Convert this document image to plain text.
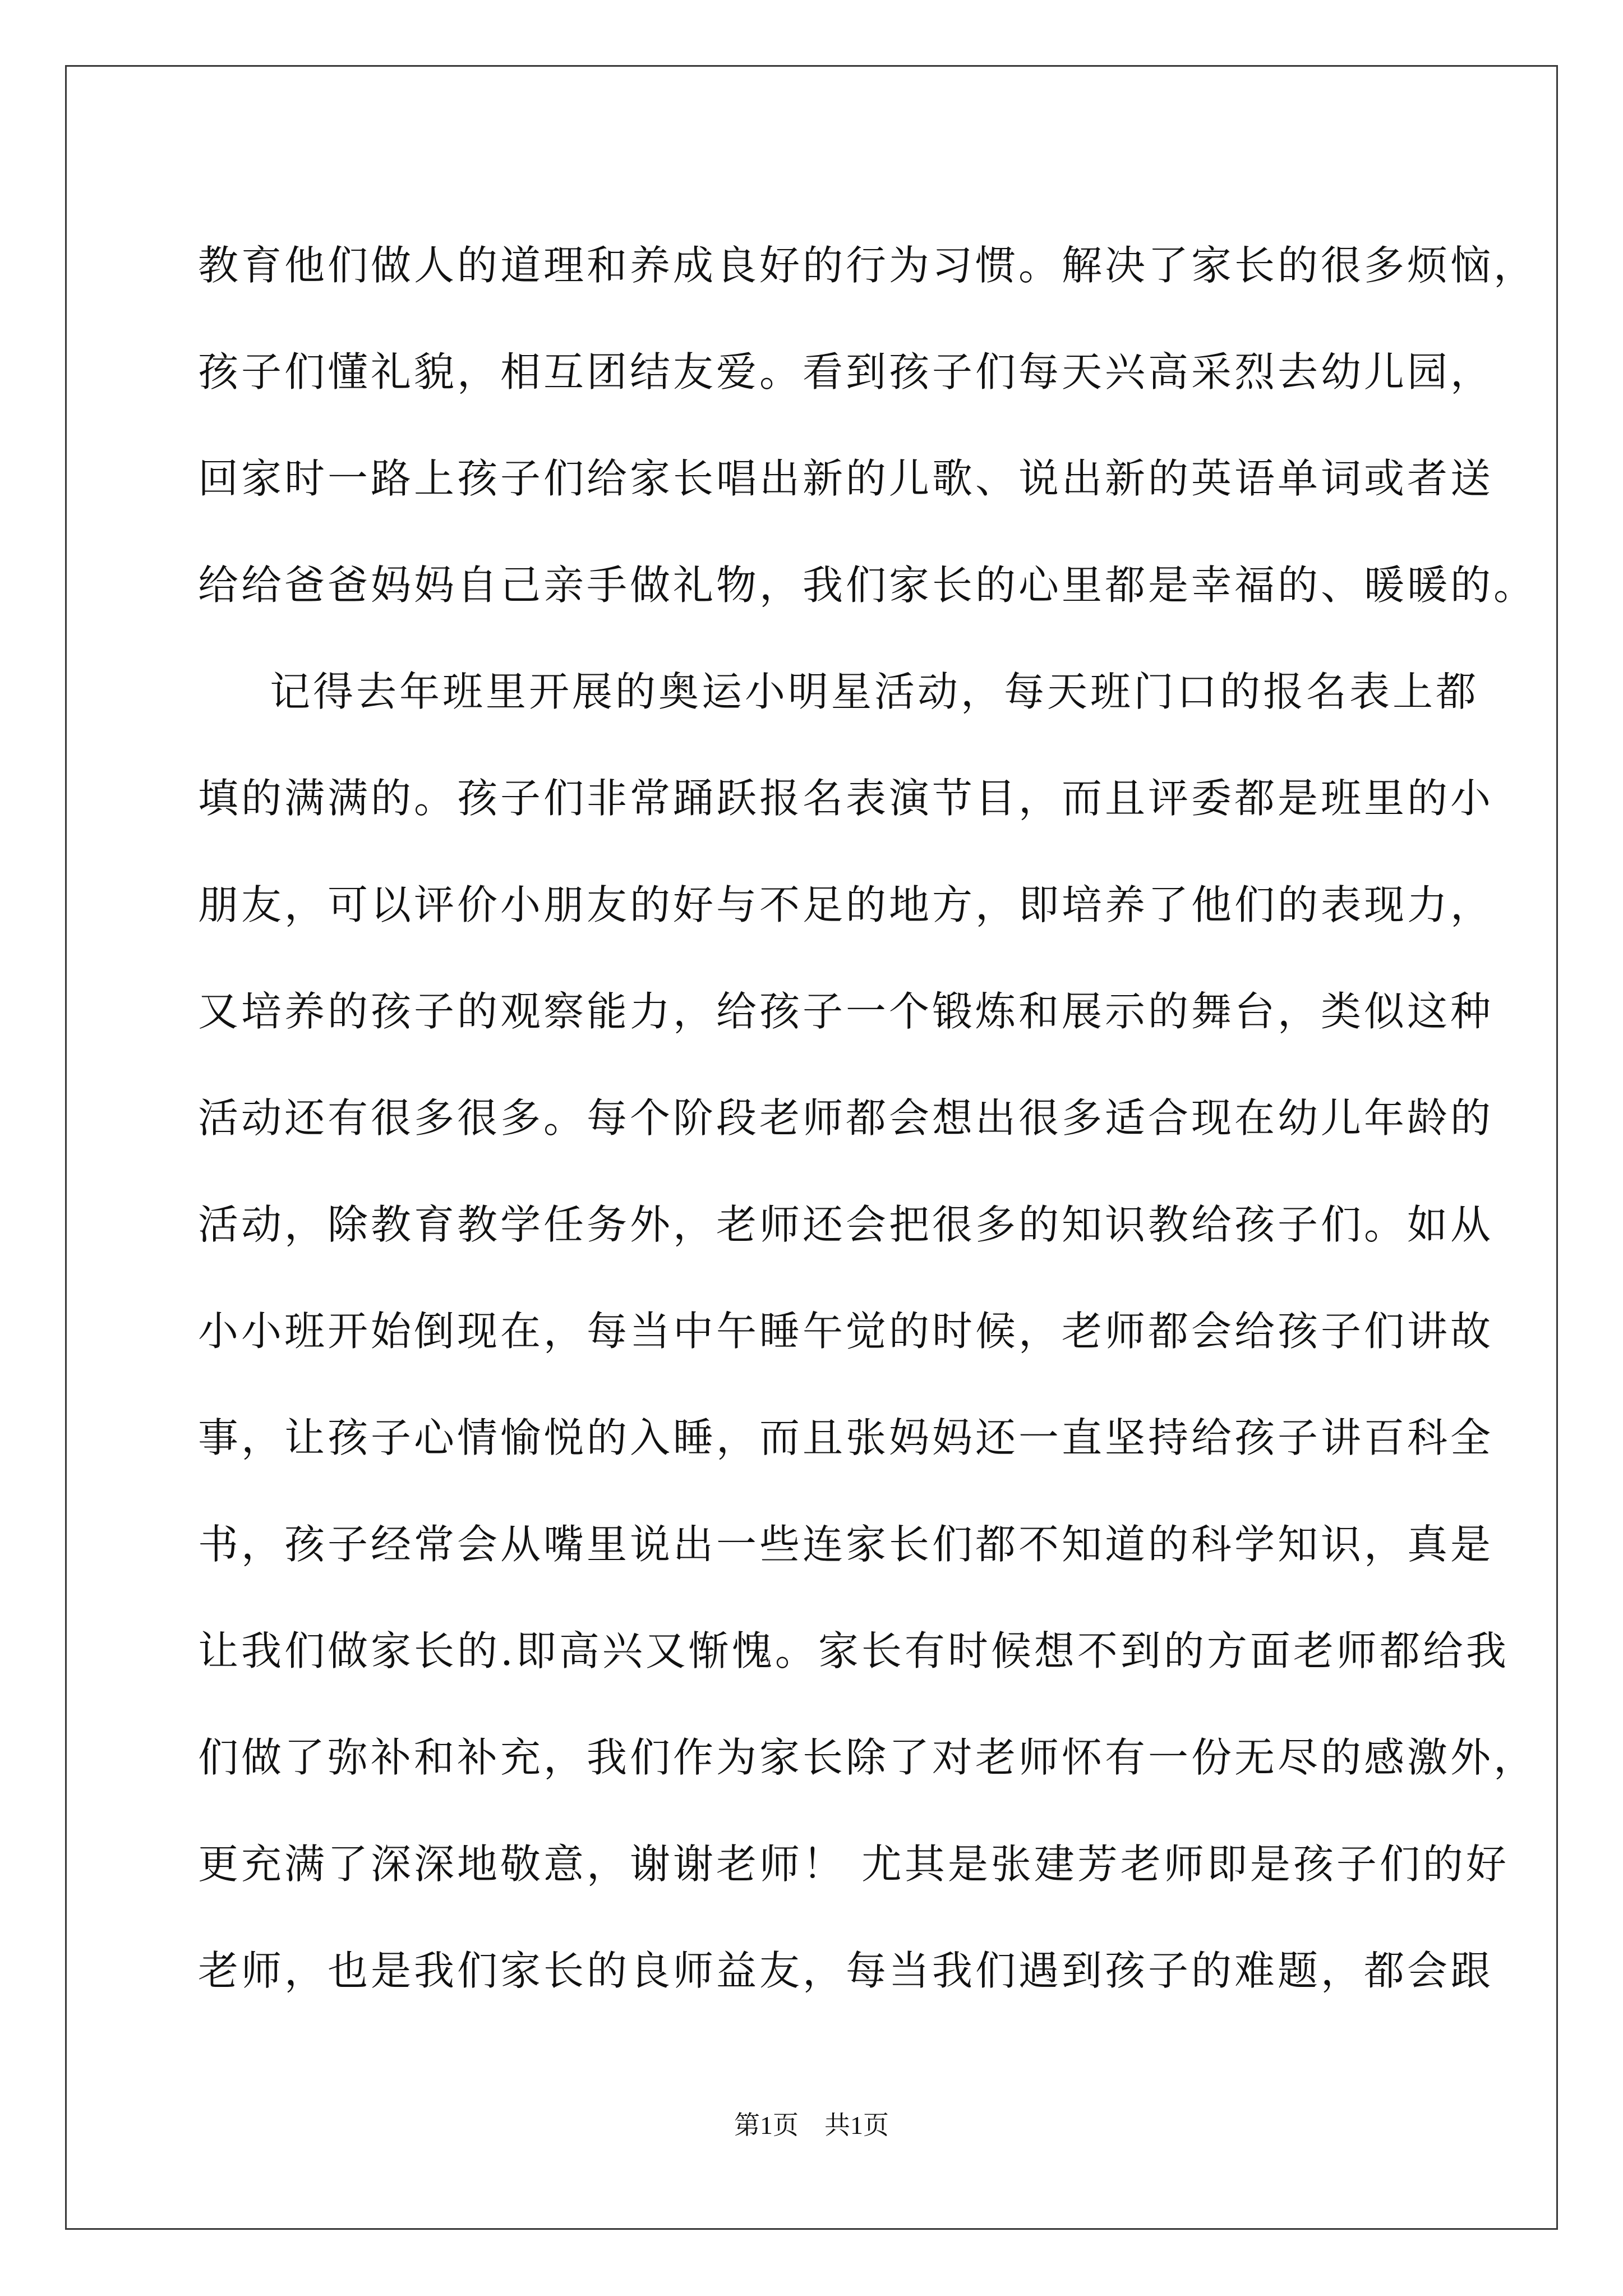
教育他们做人的道理和养成良好的行为习惯。解决了家长的很多烦恼，
孩子们懂礼貌，相互团结友爱。看到孩子们每天兴高采烈去幼儿园，
回家时一路上孩子们给家长唱出新的儿歌、说出新的英语单词或者送
给给爸爸妈妈自己亲手做礼物，我们家长的心里都是幸福的、暖暖的。
记得去年班里开展的奥运小明星活动，每天班门口的报名表上都
填的满满的。孩子们非常踊跃报名表演节目，而且评委都是班里的小
朋友，可以评价小朋友的好与不足的地方，即培养了他们的表现力，
又培养的孩子的观察能力，给孩子一个锻炼和展示的舞台，类似这种
活动还有很多很多。每个阶段老师都会想出很多适合现在幼儿年龄的
活动，除教育教学任务外，老师还会把很多的知识教给孩子们。如从
小小班开始倒现在，每当中午睡午觉的时候，老师都会给孩子们讲故
事，让孩子心情愉悦的入睡，而且张妈妈还一直坚持给孩子讲百科全
书，孩子经常会从嘴里说出一些连家长们都不知道的科学知识，真是
让我们做家长的.即高兴又惭愧。家长有时候想不到的方面老师都给我
们做了弥补和补充，我们作为家长除了对老师怀有一份无尽的感激外，
更充满了深深地敬意，谢谢老师！ 尤其是张建芳老师即是孩子们的好
老师，也是我们家长的良师益友，每当我们遇到孩子的难题，都会跟
第1页 共1页
